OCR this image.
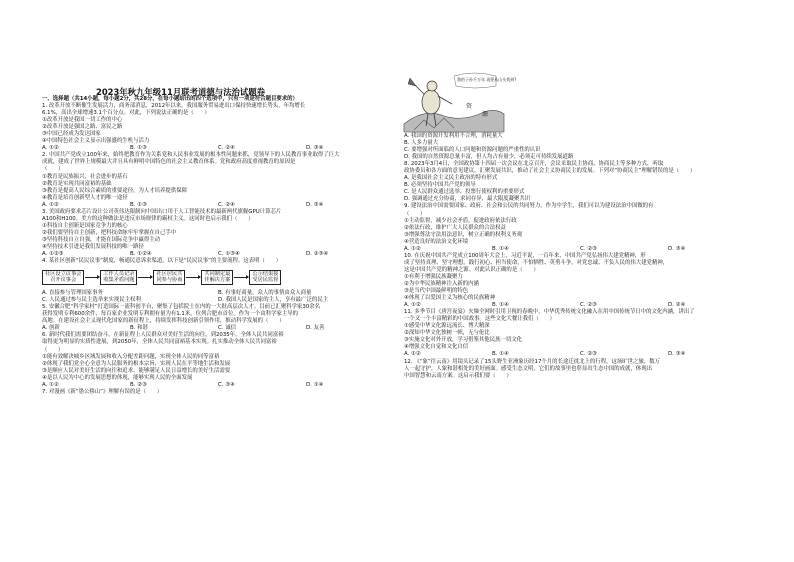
我的子孙千万年 再要从山头找到?
资
源
2023年秋九年级11月联考道德与法治试题卷
一、选择题（共14小题，每小题2分，共28分，在每小题给出的四个选项中，只有一项是符合题目要求的）
1. 改革开放不断催生发展活力，商务部消息，2012年以来，我国服务贸易进出口保持快速增长势头，年均增长
6.1%，高出全球增速3.1个百分点。对此，下列说法正确的是（　　）
①改革开放是我国一切工作的中心
②改革开放是强国之路、富民之路
③中国已经成为发达国家
④中国特色社会主义显示出强盛的生机与活力
A. ①②	B. ①③	C. ②④	D. ③④
2. 中国共产党成立100年来，始终把教育作为关系党和人民事业发展的根本性问题来抓，党领导下的人民教育事业取得了巨大
成就，建成了世界上规模最大并且具有鲜明中国特色的社会主义教育体系。党和政府高度重视教育的原因是
（　　）
①教育是民族振兴，社会进步的基石
②教育是实现共同富裕的基础
③教育是提高人民综合素质的重要途径，为人才培养提供保障
④教育是培育创新型人才的唯一途径
A. ①②	B. ①③	C. ②④	D. ③④
3. 美国政府要求芯片设计公司英伟达限制向中国出口用于人工智能技术的最新两代旗舰GPU计算芯片
A100和H100。美方的这种做法是违反市场规律的霸权主义。这同时也启示我们（　　）
①科技自主创新是国家竞争力的核心
②我们要坚持自主创新，把科技命脉牢牢掌握在自己手中
③坚持科技自立自强，才能在国际竞争中赢得主动
④坚持技术引进是我们发展科技的唯一路径
A. ①②③	B. ①②④	C. ①③④	D. ②③④
4. 某社区创新“民民议事”制度，畅通民意诉求渠道，以下是“民民议事”的主要流程。这表明（　　）
社区设立议事会
召开议事会
工作人员记录
收集矛盾问题
社区居民共
同参与协商
共同制定最
佳解决方案
公示结果接
受居民监督
A. 直接参与管理国家事务	B. 有事好商量，众人的事情由众人商量
C. 人民通过参与民主选举来实现民主权利	D. 我国人民是国家的主人，享有最广泛的民主
5. 安徽合肥“科学家村”打造国际一流科创平台，聚集了包括院士在内的一大批高层次人才。目前已汇聚科学家30余名
获得发明专利600余件，每百家企业发明专利拥有量为有1.1米，位列合肥市首位。作为一个由科学家主导的
高地。在建设社会主义现代化国家的新征程上，持续发挥科技创新引领作用，推动科学发展的（　　）
A. 创新	B. 和谐	C. 诚信	D. 友善
6. 新时代我们需要团结奋斗，在新征程上人民群众对美好生活的向往，到2035年，全体人民共同富裕
取得更为明显的实质性进展，到2050年，全体人民共同富裕基本实现。扎实推动全体人民共同富裕
（　　）
①能有效解决城乡区域发展和收入分配差距问题，实现全体人民的同等富裕
②体现了我们党全心全意为人民服务的根本宗旨，实现人民在平等地生活和发展
③是顺应人民对美好生活的向往和追求，能够满足人民日益增长的美好生活需要
④是以人民为中心的发展思想的体现，能够实现人民的全面发展
A. ①②	B. ②③	C. ③④	D. ①④
7. 对漫画《新“愚公移山”》理解有误的是（　　）
A. 我国的资源开发利用不合理，消耗量大
B. 人多力量大
C. 要增强对所面临的人口问题和资源问题的严重性的认识
D. 我国的自然资源总量丰富，但人均占有量少，必须走可持续发展道路
8. 2023年3月4日，全国政协第十四届一次会议在北京召开，会议采取民主协商、协商民主等多种方式，听取
政协委员和各方面的意见建议，汇聚发展共识，推动了社会主义协商民主的发展。下列对“协商民主”理解错误的是（　　）
A. 是我国社会主义民主政治的特有形式
B. 必须坚持中国共产党的领导
C. 是人民群众通过选举、投票行使权利的重要形式
D. 强调通过充分协商，求同存异，最大限度凝聚共识
9. 建设法治中国需要国家、政府、社会和公民的共同努力，作为中学生，我们可以为建设法治中国做的有
（　　）
①主动监督，减少社会矛盾，促进政府依法行政
②依法行政，维护广大人民群众的合法权益
③增强尊法守法用法意识，树立正确的权利义务观
④营造良好的法治文化环境
A. ①②	B. ①④	C. ②③	D. ③④
10. 在庆祝中国共产党成立100周年大会上，习近平说，一百年来，中国共产党弘扬伟大建党精神，形
成了坚持真理、坚守理想，践行初心、担当使命，不怕牺牲、英勇斗争，对党忠诚、不负人民的伟大建党精神，
这是中国共产党的精神之源。对此认识正确的是（　　）
①有利于增强民族凝聚力
②为中华民族精神注入新的内涵
③是当代中国最鲜明的特色
④体现了以爱国主义为核心的民族精神
A. ①②	B. ①④	C. ②③	D. ②④
11. 多季节目《唐宫夜宴》火爆全网时引用卫视的春晚中，中华优秀传统文化融入在用中国传统节日中的文化内涵，讲出了
一个又一个丰富精彩的中国故事。这些文化大餐让我们（　　）
①感受中华文化源远流长、博大精深
②深知中华文化独树一帜，无与伦比
③实施文化对外开放，学习借鉴其他民族一切文化
④增强文化自觉和文化自信
A. ①②	B. ①④	C. ②③	D. ③④
12. 《“象”往云南》用镜头记录了15头野生亚洲象历经17个月的长途迁徙北上的行程，这场旷世之旅，数万
人一起守护，人象和谐相处的美好画面。感受生态文明，它们的故事里也彰显出生态中国的成就，体现出
中国智慧和云南方案。这启示我们要（　　）
